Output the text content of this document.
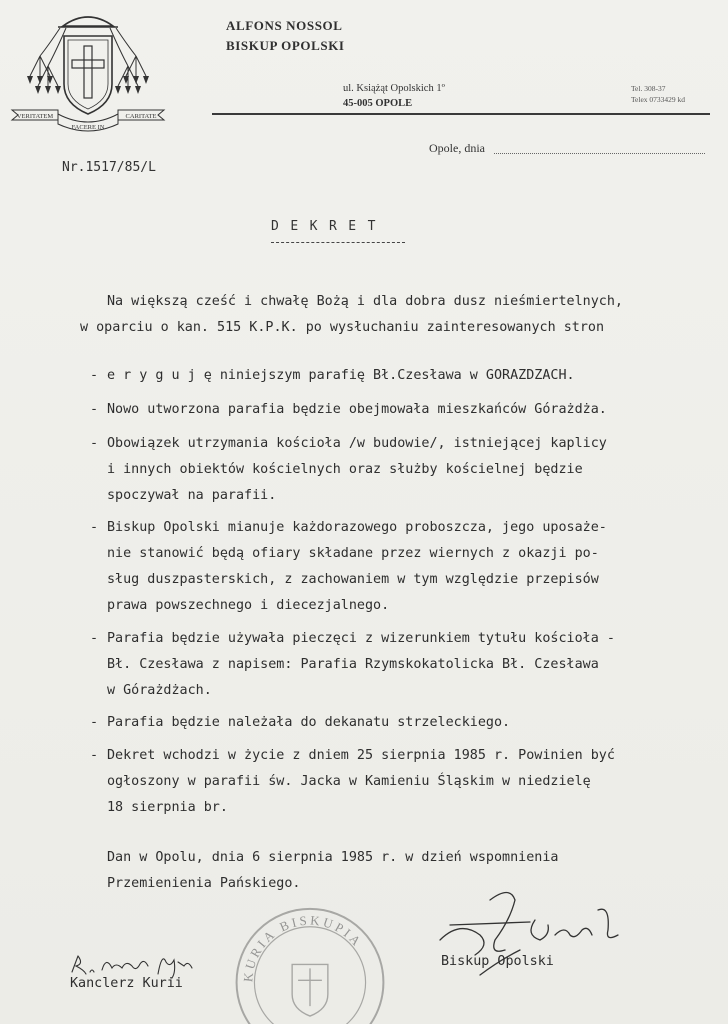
VERITATEM	CARITATE
FACERE IN
ALFONS NOSSOL
BISKUP OPOLSKI
ul. Książąt Opolskich 1º
45-005 OPOLE
Tel. 308-37
Telex 0733429 kd
Opole, dnia
Nr.1517/85/L
DEKRET
Na większą cześć i chwałę Bożą i dla dobra dusz nieśmiertelnych,
w oparciu o kan. 515 K.P.K. po wysłuchaniu zainteresowanych stron
- e r y g u j ę niniejszym parafię Bł.Czesława w GORAZDZACH.
- Nowo utworzona parafia będzie obejmowała mieszkańców Górażdża.
- Obowiązek utrzymania kościoła /w budowie/, istniejącej kaplicy
i innych obiektów kościelnych oraz służby kościelnej będzie
spoczywał na parafii.
- Biskup Opolski mianuje każdorazowego proboszcza, jego uposaże-
nie stanowić będą ofiary składane przez wiernych z okazji po-
sług duszpasterskich, z zachowaniem w tym względzie przepisów
prawa powszechnego i diecezjalnego.
- Parafia będzie używała pieczęci z wizerunkiem tytułu kościoła -
Bł. Czesława z napisem: Parafia Rzymskokatolicka Bł. Czesława
w Górażdżach.
- Parafia będzie należała do dekanatu strzeleckiego.
- Dekret wchodzi w życie z dniem 25 sierpnia 1985 r. Powinien być
ogłoszony w parafii św. Jacka w Kamieniu Śląskim w niedzielę
18 sierpnia br.
Dan w Opolu, dnia 6 sierpnia 1985 r. w dzień wspomnienia
Przemienienia Pańskiego.
KURIA BISKUPIA
Biskup Opolski
Kanclerz Kurii
